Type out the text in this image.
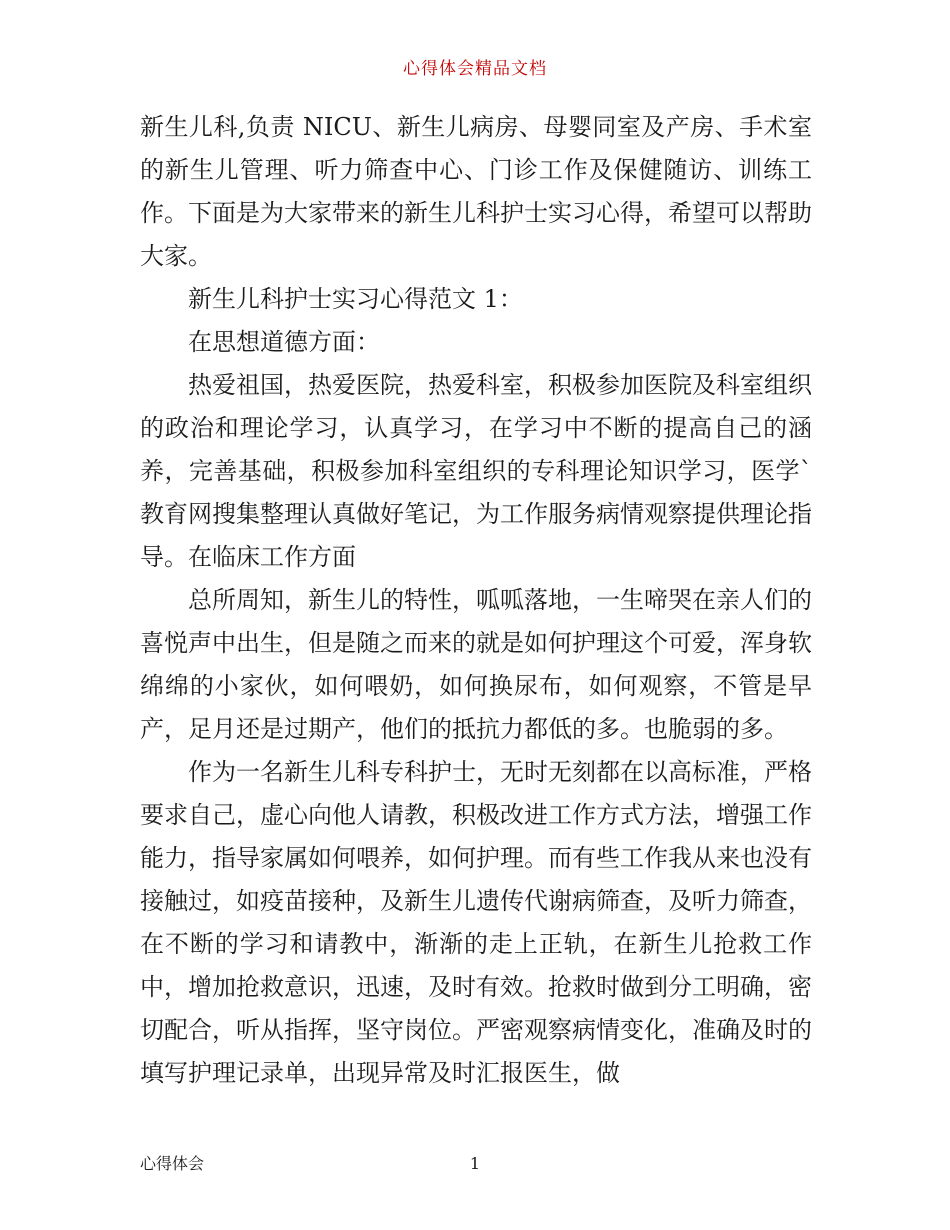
心得体会精品文档

新生儿科,负责 NICU、新生儿病房、母婴同室及产房、手术室的新生儿管理、听力筛查中心、门诊工作及保健随访、训练工作。下面是为大家带来的新生儿科护士实习心得，希望可以帮助大家。

新生儿科护士实习心得范文 1：

在思想道德方面：

热爱祖国，热爱医院，热爱科室，积极参加医院及科室组织的政治和理论学习，认真学习，在学习中不断的提高自己的涵养，完善基础，积极参加科室组织的专科理论知识学习，医学`教育网搜集整理认真做好笔记，为工作服务病情观察提供理论指导。在临床工作方面

总所周知，新生儿的特性，呱呱落地，一生啼哭在亲人们的喜悦声中出生，但是随之而来的就是如何护理这个可爱，浑身软绵绵的小家伙，如何喂奶，如何换尿布，如何观察，不管是早产，足月还是过期产，他们的抵抗力都低的多。也脆弱的多。

作为一名新生儿科专科护士，无时无刻都在以高标准，严格要求自己，虚心向他人请教，积极改进工作方式方法，增强工作能力，指导家属如何喂养，如何护理。而有些工作我从来也没有接触过，如疫苗接种，及新生儿遗传代谢病筛查，及听力筛查，在不断的学习和请教中，渐渐的走上正轨，在新生儿抢救工作中，增加抢救意识，迅速，及时有效。抢救时做到分工明确，密切配合，听从指挥，坚守岗位。严密观察病情变化，准确及时的填写护理记录单，出现异常及时汇报医生，做

心得体会	1
